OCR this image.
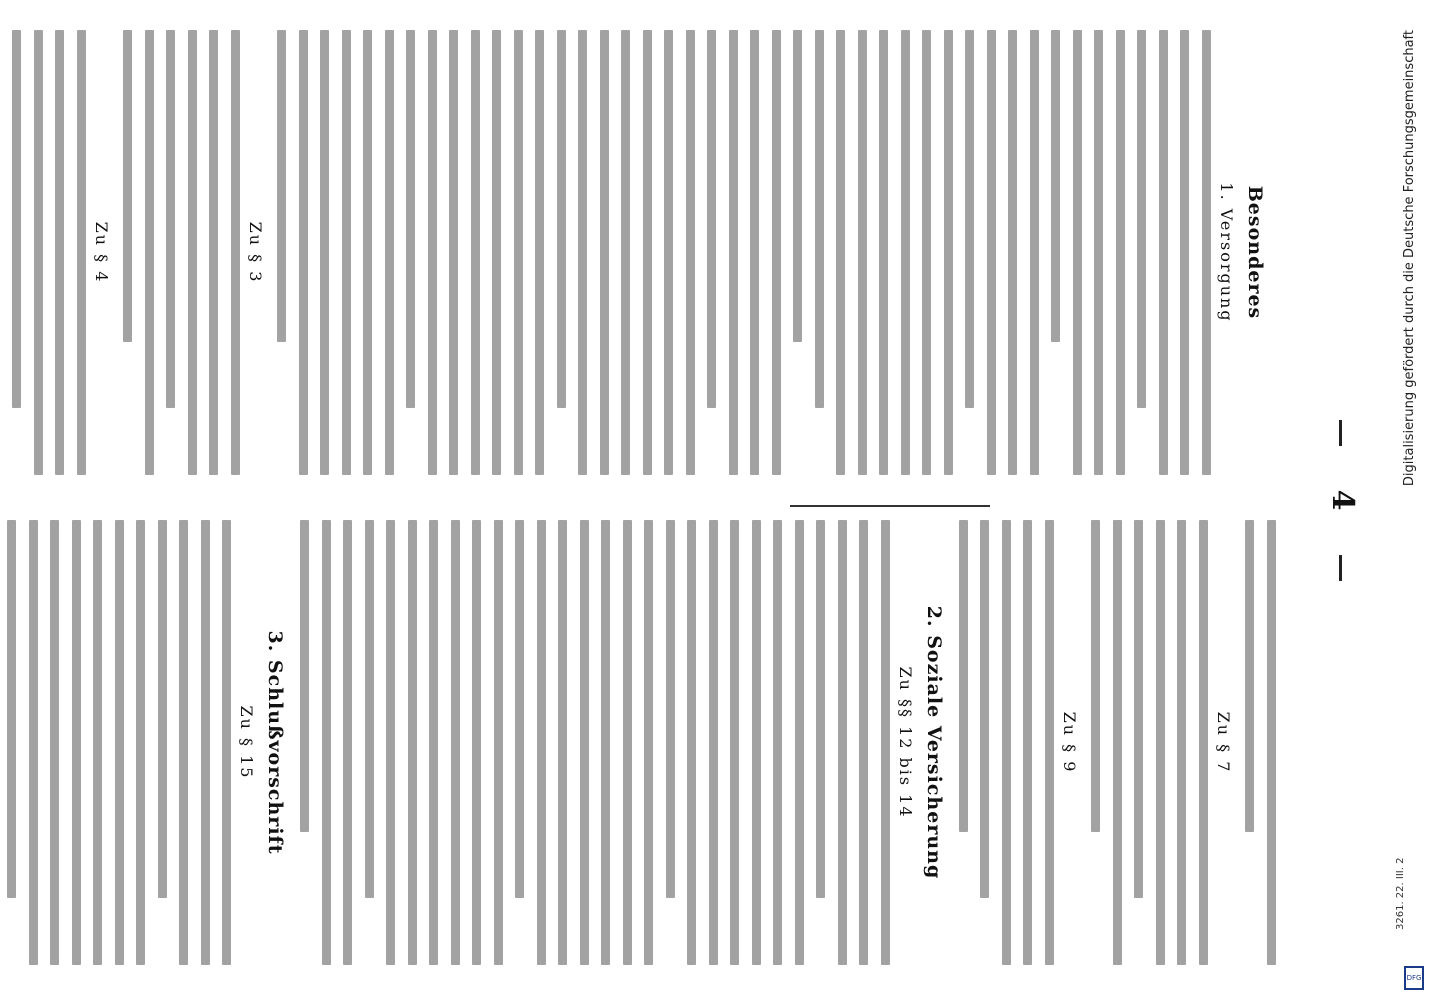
4
Besonderes
1. Versorgung
Zu § 3
Zu § 4
Zu § 7
Zu § 9
2. Soziale Versicherung
Zu §§ 12 bis 14
3. Schlußvorschrift
Zu § 15
Digitalisierung gefördert durch die Deutsche Forschungsgemeinschaft
3261. 22. III. 2
DFG
